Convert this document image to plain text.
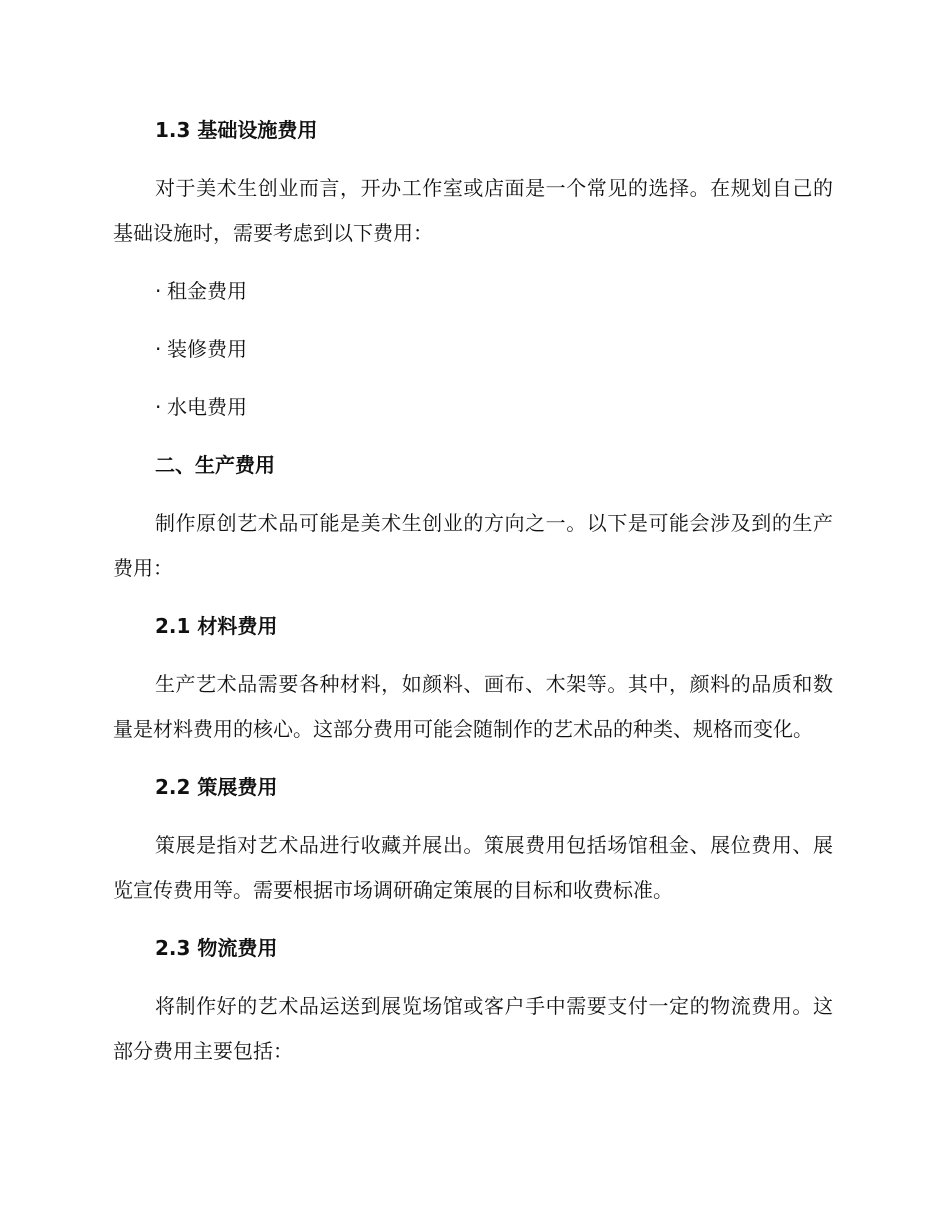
1.3 基础设施费用

对于美术生创业而言，开办工作室或店面是一个常见的选择。在规划自己的基础设施时，需要考虑到以下费用：

· 租金费用
· 装修费用
· 水电费用
二、生产费用

制作原创艺术品可能是美术生创业的方向之一。以下是可能会涉及到的生产费用：

2.1 材料费用

生产艺术品需要各种材料，如颜料、画布、木架等。其中，颜料的品质和数量是材料费用的核心。这部分费用可能会随制作的艺术品的种类、规格而变化。

2.2 策展费用

策展是指对艺术品进行收藏并展出。策展费用包括场馆租金、展位费用、展览宣传费用等。需要根据市场调研确定策展的目标和收费标准。

2.3 物流费用

将制作好的艺术品运送到展览场馆或客户手中需要支付一定的物流费用。这部分费用主要包括：
